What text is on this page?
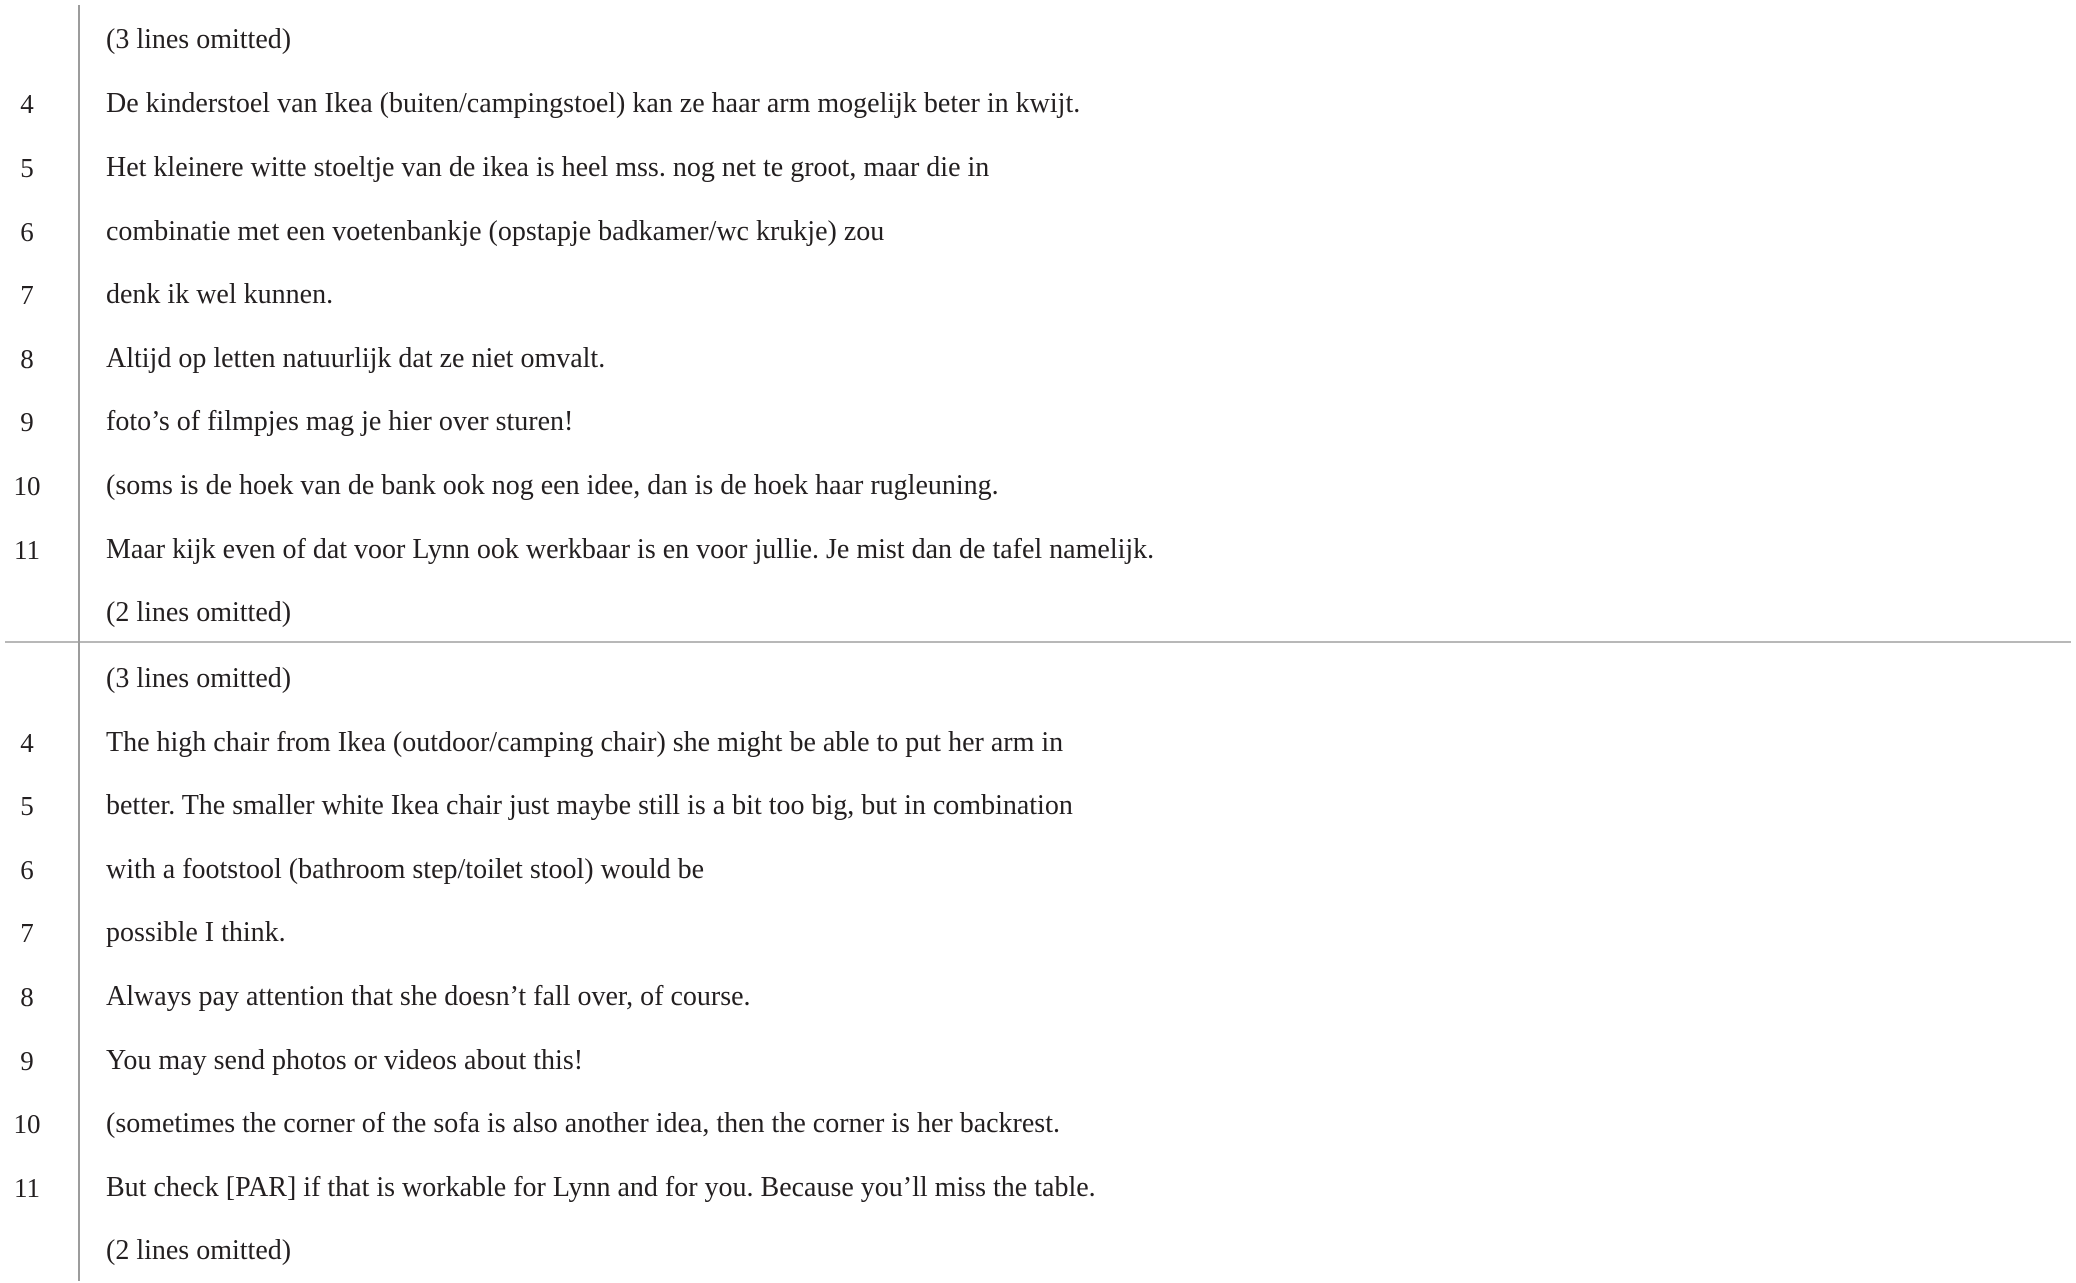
(3 lines omitted)
4	De kinderstoel van Ikea (buiten/campingstoel) kan ze haar arm mogelijk beter in kwijt.
5	Het kleinere witte stoeltje van de ikea is heel mss. nog net te groot, maar die in
6	combinatie met een voetenbankje (opstapje badkamer/wc krukje) zou
7	denk ik wel kunnen.
8	Altijd op letten natuurlijk dat ze niet omvalt.
9	foto’s of filmpjes mag je hier over sturen!
10	(soms is de hoek van de bank ook nog een idee, dan is de hoek haar rugleuning.
11	Maar kijk even of dat voor Lynn ook werkbaar is en voor jullie. Je mist dan de tafel namelijk.
(2 lines omitted)
(3 lines omitted)
4	The high chair from Ikea (outdoor/camping chair) she might be able to put her arm in
5	better. The smaller white Ikea chair just maybe still is a bit too big, but in combination
6	with a footstool (bathroom step/toilet stool) would be
7	possible I think.
8	Always pay attention that she doesn’t fall over, of course.
9	You may send photos or videos about this!
10	(sometimes the corner of the sofa is also another idea, then the corner is her backrest.
11	But check [PAR] if that is workable for Lynn and for you. Because you’ll miss the table.
(2 lines omitted)
